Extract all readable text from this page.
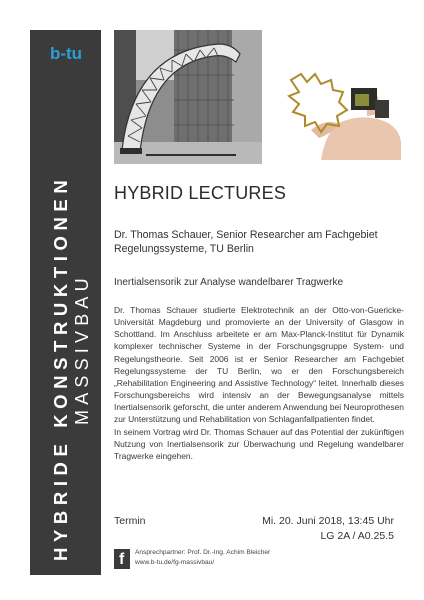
b-tu
HYBRIDE KONSTRUKTIONEN MASSIVBAU
HYBRID LECTURES
Dr. Thomas Schauer, Senior Researcher am Fachgebiet Regelungssysteme, TU Berlin
Inertialsensorik zur Analyse wandelbarer Tragwerke

Dr. Thomas Schauer studierte Elektrotechnik an der Otto-von-Guericke-Universität Magdeburg und promovierte an der University of Glasgow in Schottland. Im Anschluss arbeitete er am Max-Planck-Institut für Dynamik komplexer technischer Systeme in der Forschungsgruppe System- und Regelungstheorie. Seit 2006 ist er Senior Researcher am Fachgebiet Regelungssysteme der TU Berlin, wo er den Forschungsbereich „Rehabilitation Engineering and Assistive Technology“ leitet. Innerhalb dieses Forschungsbereichs wird intensiv an der Bewegungsanalyse mittels Inertialsensorik geforscht, die unter anderem Anwendung bei Neuroprothesen zur Unterstützung und Rehabilitation von Schlaganfallpatienten findet.

In seinem Vortrag wird Dr. Thomas Schauer auf das Potential der zukünftigen Nutzung von Inertialsensorik zur Überwachung und Regelung wandelbarer Tragwerke eingehen.

Termin	Mi. 20. Juni 2018, 13:45 Uhr
LG 2A / A0.25.5
f Ansprechpartner: Prof. Dr.-Ing. Achim Bleicher
www.b-tu.de/fg-massivbau/
